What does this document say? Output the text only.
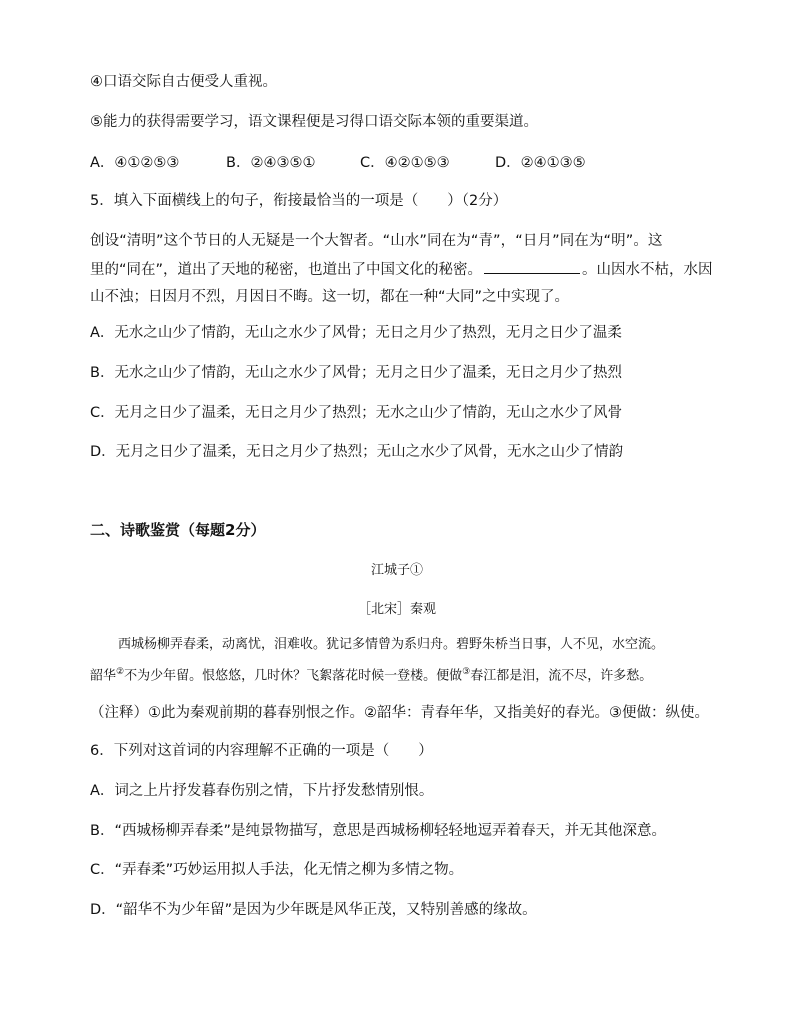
④口语交际自古便受人重视。
⑤能力的获得需要学习，语文课程便是习得口语交际本领的重要渠道。
A．④①②⑤③	B．②④③⑤①	C．④②①⑤③	D．②④①③⑤
5．填入下面横线上的句子，衔接最恰当的一项是（　　）（2分）
创设“清明”这个节日的人无疑是一个大智者。“山水”同在为“青”，“日月”同在为“明”。这
里的“同在”，道出了天地的秘密，也道出了中国文化的秘密。	。山因水不枯，水因
山不浊；日因月不烈，月因日不晦。这一切，都在一种“大同”之中实现了。
A．无水之山少了情韵，无山之水少了风骨；无日之月少了热烈，无月之日少了温柔
B．无水之山少了情韵，无山之水少了风骨；无月之日少了温柔，无日之月少了热烈
C．无月之日少了温柔，无日之月少了热烈；无水之山少了情韵，无山之水少了风骨
D．无月之日少了温柔，无日之月少了热烈；无山之水少了风骨，无水之山少了情韵
二、诗歌鉴赏（每题2分）
江城子①
［北宋］秦观
西城杨柳弄春柔，动离忧，泪难收。犹记多情曾为系归舟。碧野朱桥当日事，人不见，水空流。
韶华②不为少年留。恨悠悠，几时休？飞絮落花时候一登楼。便做③春江都是泪，流不尽，许多愁。
（注释）①此为秦观前期的暮春别恨之作。②韶华：青春年华，又指美好的春光。③便做：纵使。
6．下列对这首词的内容理解不正确的一项是（　　）
A．词之上片抒发暮春伤别之情，下片抒发愁情别恨。
B．“西城杨柳弄春柔”是纯景物描写，意思是西城杨柳轻轻地逗弄着春天，并无其他深意。
C．“弄春柔”巧妙运用拟人手法，化无情之柳为多情之物。
D．“韶华不为少年留”是因为少年既是风华正茂，又特别善感的缘故。
